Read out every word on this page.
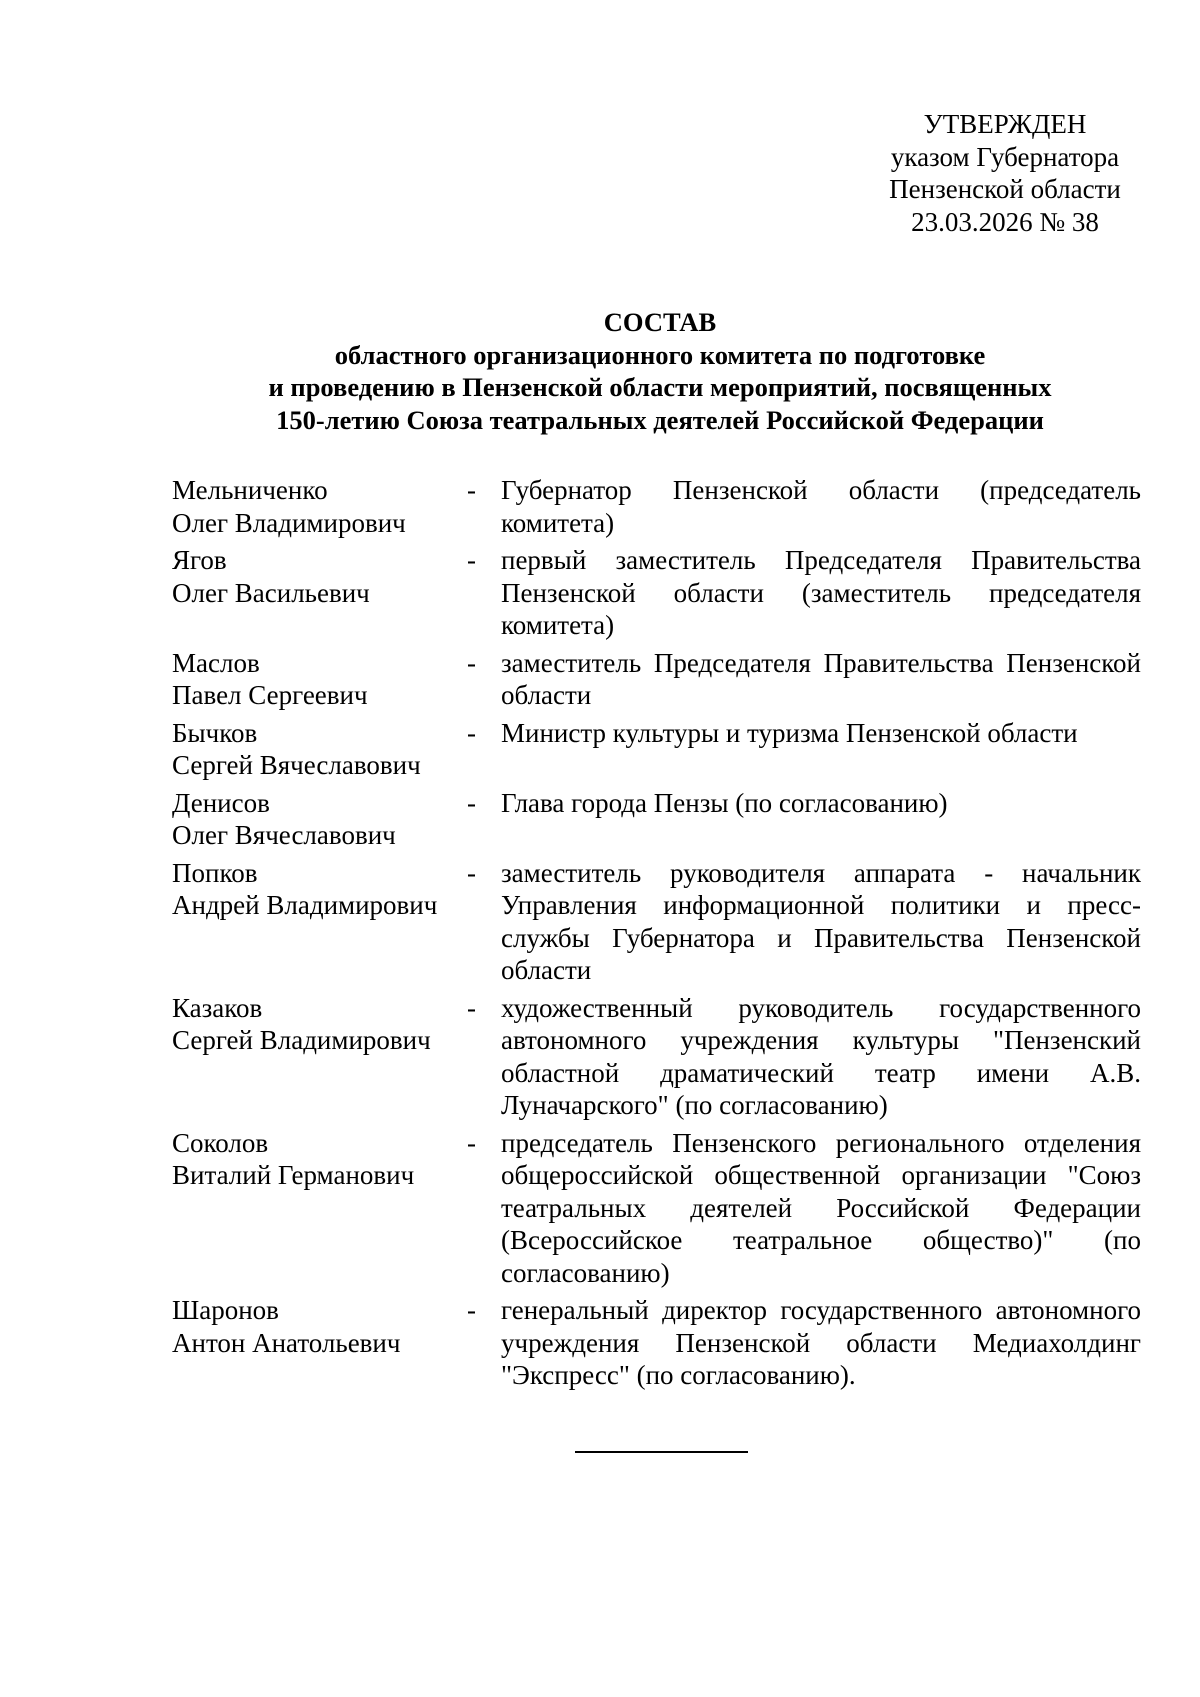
УТВЕРЖДЕН
указом Губернатора
Пензенской области
23.03.2026 № 38
СОСТАВ
областного организационного комитета по подготовке
и проведению в Пензенской области мероприятий, посвященных
150-летию Союза театральных деятелей Российской Федерации
Мельниченко
Олег Владимирович
- Губернатор Пензенской области (председатель комитета)
Ягов
Олег Васильевич
- первый заместитель Председателя Правительства Пензенской области (заместитель председателя комитета)
Маслов
Павел Сергеевич
- заместитель Председателя Правительства Пензенской области
Бычков
Сергей Вячеславович
- Министр культуры и туризма Пензенской области
Денисов
Олег Вячеславович
- Глава города Пензы (по согласованию)
Попков
Андрей Владимирович
- заместитель руководителя аппарата - начальник Управления информационной политики и пресс-службы Губернатора и Правительства Пензенской области
Казаков
Сергей Владимирович
- художественный руководитель государственного автономного учреждения культуры "Пензенский областной драматический театр имени А.В. Луначарского" (по согласованию)
Соколов
Виталий Германович
- председатель Пензенского регионального отделения общероссийской общественной организации "Союз театральных деятелей Российской Федерации (Всероссийское театральное общество)" (по согласованию)
Шаронов
Антон Анатольевич
- генеральный директор государственного автономного учреждения Пензенской области Медиахолдинг "Экспресс" (по согласованию).
